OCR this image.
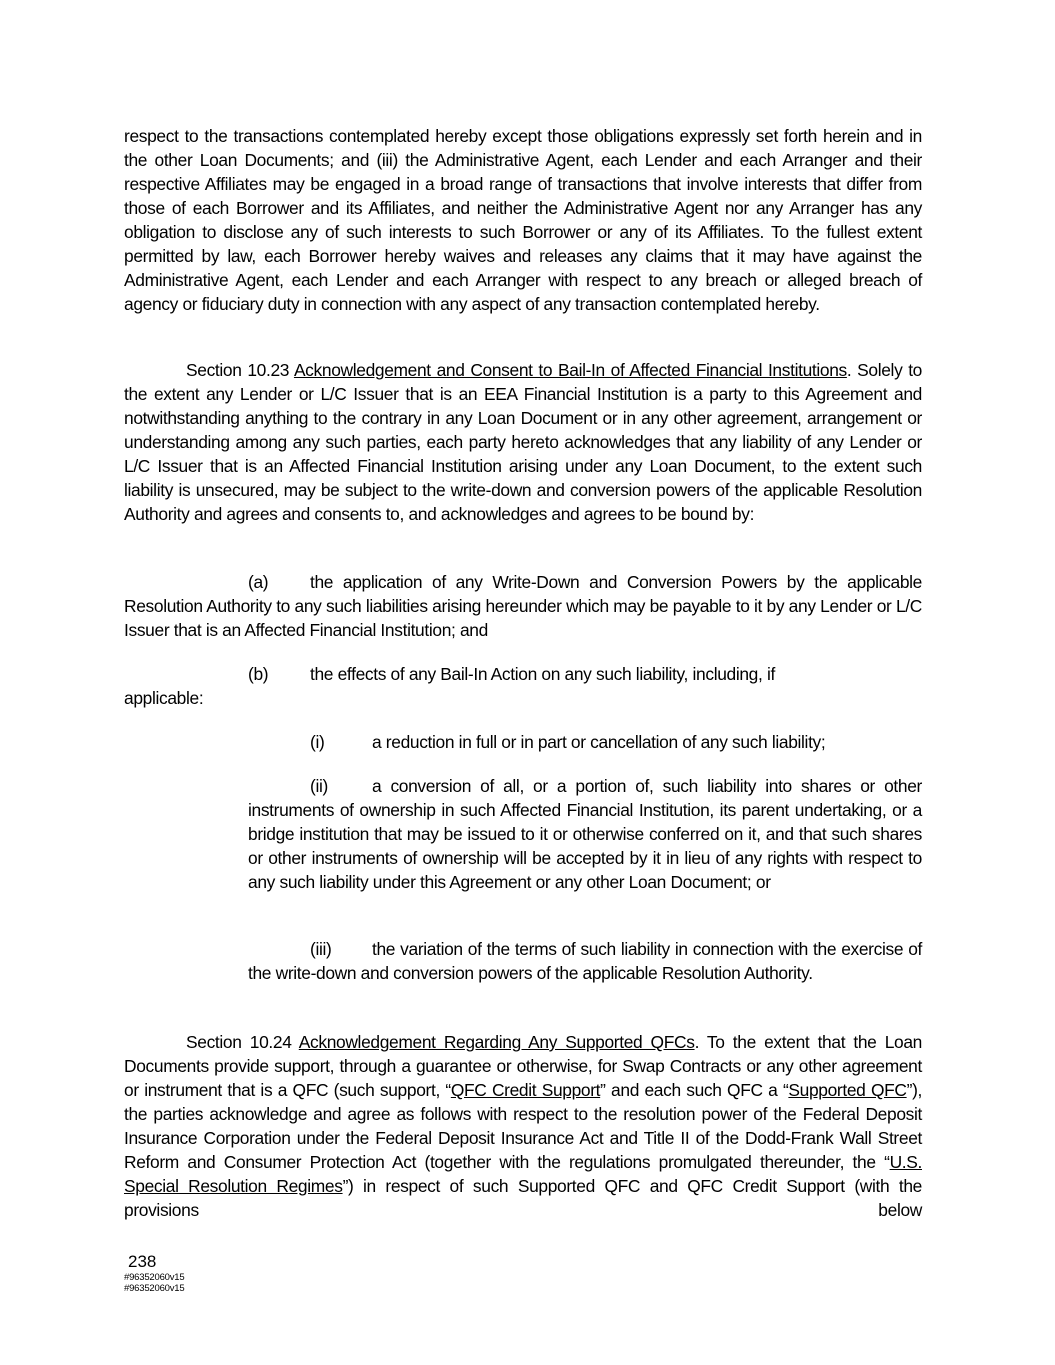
respect to the transactions contemplated hereby except those obligations expressly set forth herein and in the other Loan Documents; and (iii) the Administrative Agent, each Lender and each Arranger and their respective Affiliates may be engaged in a broad range of transactions that involve interests that differ from those of each Borrower and its Affiliates, and neither the Administrative Agent nor any Arranger has any obligation to disclose any of such interests to such Borrower or any of its Affiliates. To the fullest extent permitted by law, each Borrower hereby waives and releases any claims that it may have against the Administrative Agent, each Lender and each Arranger with respect to any breach or alleged breach of agency or fiduciary duty in connection with any aspect of any transaction contemplated hereby.

Section 10.23 Acknowledgement and Consent to Bail-In of Affected Financial Institutions. Solely to the extent any Lender or L/C Issuer that is an EEA Financial Institution is a party to this Agreement and notwithstanding anything to the contrary in any Loan Document or in any other agreement, arrangement or understanding among any such parties, each party hereto acknowledges that any liability of any Lender or L/C Issuer that is an Affected Financial Institution arising under any Loan Document, to the extent such liability is unsecured, may be subject to the write-down and conversion powers of the applicable Resolution Authority and agrees and consents to, and acknowledges and agrees to be bound by:

(a) the application of any Write-Down and Conversion Powers by the applicable Resolution Authority to any such liabilities arising hereunder which may be payable to it by any Lender or L/C Issuer that is an Affected Financial Institution; and

(b) the effects of any Bail-In Action on any such liability, including, if

applicable:

(i)	a reduction in full or in part or cancellation of any such liability;

(ii)	a conversion of all, or a portion of, such liability into shares or other instruments of ownership in such Affected Financial Institution, its parent undertaking, or a bridge institution that may be issued to it or otherwise conferred on it, and that such shares or other instruments of ownership will be accepted by it in lieu of any rights with respect to any such liability under this Agreement or any other Loan Document; or

(iii) the variation of the terms of such liability in connection with the exercise of the write-down and conversion powers of the applicable Resolution Authority.

Section 10.24 Acknowledgement Regarding Any Supported QFCs. To the extent that the Loan Documents provide support, through a guarantee or otherwise, for Swap Contracts or any other agreement or instrument that is a QFC (such support, “QFC Credit Support” and each such QFC a “Supported QFC”), the parties acknowledge and agree as follows with respect to the resolution power of the Federal Deposit Insurance Corporation under the Federal Deposit Insurance Act and Title II of the Dodd-Frank Wall Street Reform and Consumer Protection Act (together with the regulations promulgated thereunder, the “U.S. Special Resolution Regimes”) in respect of such Supported QFC and QFC Credit Support (with the provisions below

238
#96352060v15
#96352060v15
